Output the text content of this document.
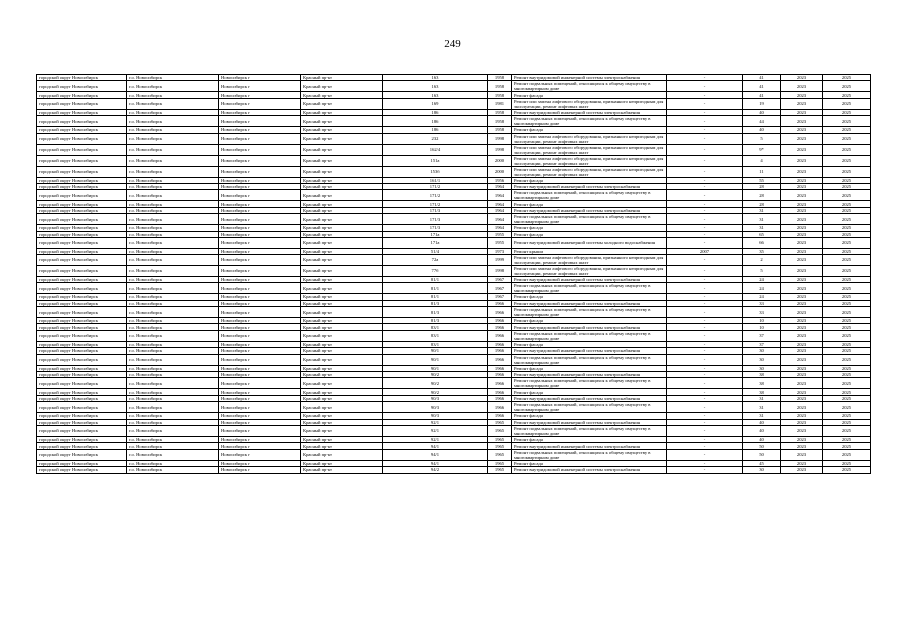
249
городской округ Новосибирск	г.о. Новосибирск	Новосибирск г	Красный пр-кт	163	1958	Ремонт внутридомовой инженерной системы электроснабжения	-	41	2023	2025
городской округ Новосибирск	г.о. Новосибирск	Новосибирск г	Красный пр-кт	163	1958	Ремонт подвальных помещений, относящихся к общему имуществу в многоквартирном доме	-	41	2023	2025
городской округ Новосибирск	г.о. Новосибирск	Новосибирск г	Красный пр-кт	163	1958	Ремонт фасада	-	41	2023	2025
городской округ Новосибирск	г.о. Новосибирск	Новосибирск г	Красный пр-кт	169	1981	Ремонт или замена лифтового оборудования, признанного непригодным для эксплуатации, ремонт лифтовых шахт	-	19	2023	2025
городской округ Новосибирск	г.о. Новосибирск	Новосибирск г	Красный пр-кт	186	1958	Ремонт внутридомовой инженерной системы электроснабжения	-	40	2023	2025
городской округ Новосибирск	г.о. Новосибирск	Новосибирск г	Красный пр-кт	186	1958	Ремонт подвальных помещений, относящихся к общему имуществу в многоквартирном доме	-	44	2023	2025
городской округ Новосибирск	г.о. Новосибирск	Новосибирск г	Красный пр-кт	186	1958	Ремонт фасада	-	40	2023	2025
городской округ Новосибирск	г.о. Новосибирск	Новосибирск г	Красный пр-кт	232	1998	Ремонт или замена лифтового оборудования, признанного непригодным для эксплуатации, ремонт лифтовых шахт	-	5	2023	2025
городской округ Новосибирск	г.о. Новосибирск	Новосибирск г	Красный пр-кт	162/4	1998	Ремонт или замена лифтового оборудования, признанного непригодным для эксплуатации, ремонт лифтовых шахт	-	9*	2023	2025
городской округ Новосибирск	г.о. Новосибирск	Новосибирск г	Красный пр-кт	151а	2000	Ремонт или замена лифтового оборудования, признанного непригодным для эксплуатации, ремонт лифтовых шахт	-	4	2023	2025
городской округ Новосибирск	г.о. Новосибирск	Новосибирск г	Красный пр-кт	153б	2000	Ремонт или замена лифтового оборудования, признанного непригодным для эксплуатации, ремонт лифтовых шахт	-	11	2023	2025
городской округ Новосибирск	г.о. Новосибирск	Новосибирск г	Красный пр-кт	161/1	1956	Ремонт фасада	-	55	2023	2025
городской округ Новосибирск	г.о. Новосибирск	Новосибирск г	Красный пр-кт	171/2	1964	Ремонт внутридомовой инженерной системы электроснабжения	-	28	2023	2025
городской округ Новосибирск	г.о. Новосибирск	Новосибирск г	Красный пр-кт	171/2	1964	Ремонт подвальных помещений, относящихся к общему имуществу в многоквартирном доме	-	28	2023	2025
городской округ Новосибирск	г.о. Новосибирск	Новосибирск г	Красный пр-кт	171/2	1964	Ремонт фасада	-	28	2023	2025
городской округ Новосибирск	г.о. Новосибирск	Новосибирск г	Красный пр-кт	171/3	1964	Ремонт внутридомовой инженерной системы электроснабжения	-	31	2023	2025
городской округ Новосибирск	г.о. Новосибирск	Новосибирск г	Красный пр-кт	171/3	1964	Ремонт подвальных помещений, относящихся к общему имуществу в многоквартирном доме	-	31	2023	2025
городской округ Новосибирск	г.о. Новосибирск	Новосибирск г	Красный пр-кт	171/3	1964	Ремонт фасада	-	31	2023	2025
городской округ Новосибирск	г.о. Новосибирск	Новосибирск г	Красный пр-кт	171а	1955	Ремонт фасада	-	65	2023	2025
городской округ Новосибирск	г.о. Новосибирск	Новосибирск г	Красный пр-кт	171а	1955	Ремонт внутридомовой инженерной системы холодного водоснабжения	-	66	2023	2025
городской округ Новосибирск	г.о. Новосибирск	Новосибирск г	Красный пр-кт	51/4	1973	Ремонт крыши	2007	35	2023	2025
городской округ Новосибирск	г.о. Новосибирск	Новосибирск г	Красный пр-кт	72а	1999	Ремонт или замена лифтового оборудования, признанного непригодным для эксплуатации, ремонт лифтовых шахт	-	2	2023	2025
городской округ Новосибирск	г.о. Новосибирск	Новосибирск г	Красный пр-кт	77б	1998	Ремонт или замена лифтового оборудования, признанного непригодным для эксплуатации, ремонт лифтовых шахт	-	5	2023	2025
городской округ Новосибирск	г.о. Новосибирск	Новосибирск г	Красный пр-кт	81/1	1967	Ремонт внутридомовой инженерной системы электроснабжения	-	24	2023	2025
городской округ Новосибирск	г.о. Новосибирск	Новосибирск г	Красный пр-кт	81/1	1967	Ремонт подвальных помещений, относящихся к общему имуществу в многоквартирном доме	-	24	2023	2025
городской округ Новосибирск	г.о. Новосибирск	Новосибирск г	Красный пр-кт	81/1	1967	Ремонт фасада	-	24	2023	2025
городской округ Новосибирск	г.о. Новосибирск	Новосибирск г	Красный пр-кт	81/3	1966	Ремонт внутридомовой инженерной системы электроснабжения	-	33	2023	2025
городской округ Новосибирск	г.о. Новосибирск	Новосибирск г	Красный пр-кт	81/3	1966	Ремонт подвальных помещений, относящихся к общему имуществу в многоквартирном доме	-	33	2023	2025
городской округ Новосибирск	г.о. Новосибирск	Новосибирск г	Красный пр-кт	81/3	1966	Ремонт фасада	-	10	2023	2025
городской округ Новосибирск	г.о. Новосибирск	Новосибирск г	Красный пр-кт	83/1	1966	Ремонт внутридомовой инженерной системы электроснабжения	-	10	2023	2025
городской округ Новосибирск	г.о. Новосибирск	Новосибирск г	Красный пр-кт	83/1	1966	Ремонт подвальных помещений, относящихся к общему имуществу в многоквартирном доме	-	37	2023	2025
городской округ Новосибирск	г.о. Новосибирск	Новосибирск г	Красный пр-кт	83/1	1966	Ремонт фасада	-	37	2023	2025
городской округ Новосибирск	г.о. Новосибирск	Новосибирск г	Красный пр-кт	90/1	1966	Ремонт внутридомовой инженерной системы электроснабжения	-	30	2023	2025
городской округ Новосибирск	г.о. Новосибирск	Новосибирск г	Красный пр-кт	90/1	1966	Ремонт подвальных помещений, относящихся к общему имуществу в многоквартирном доме	-	30	2023	2025
городской округ Новосибирск	г.о. Новосибирск	Новосибирск г	Красный пр-кт	90/1	1966	Ремонт фасада	-	30	2023	2025
городской округ Новосибирск	г.о. Новосибирск	Новосибирск г	Красный пр-кт	90/2	1966	Ремонт внутридомовой инженерной системы электроснабжения	-	38	2023	2025
городской округ Новосибирск	г.о. Новосибирск	Новосибирск г	Красный пр-кт	90/2	1966	Ремонт подвальных помещений, относящихся к общему имуществу в многоквартирном доме	-	38	2023	2025
городской округ Новосибирск	г.о. Новосибирск	Новосибирск г	Красный пр-кт	90/2	1966	Ремонт фасада	-	38	2023	2025
городской округ Новосибирск	г.о. Новосибирск	Новосибирск г	Красный пр-кт	90/3	1966	Ремонт внутридомовой инженерной системы электроснабжения	-	31	2023	2025
городской округ Новосибирск	г.о. Новосибирск	Новосибирск г	Красный пр-кт	90/3	1966	Ремонт подвальных помещений, относящихся к общему имуществу в многоквартирном доме	-	31	2023	2025
городской округ Новосибирск	г.о. Новосибирск	Новосибирск г	Красный пр-кт	90/3	1966	Ремонт фасада	-	31	2023	2025
городской округ Новосибирск	г.о. Новосибирск	Новосибирск г	Красный пр-кт	92/1	1965	Ремонт внутридомовой инженерной системы электроснабжения	-	40	2023	2025
городской округ Новосибирск	г.о. Новосибирск	Новосибирск г	Красный пр-кт	92/1	1965	Ремонт подвальных помещений, относящихся к общему имуществу в многоквартирном доме	-	40	2023	2025
городской округ Новосибирск	г.о. Новосибирск	Новосибирск г	Красный пр-кт	92/1	1965	Ремонт фасада	-	40	2023	2025
городской округ Новосибирск	г.о. Новосибирск	Новосибирск г	Красный пр-кт	94/1	1965	Ремонт внутридомовой инженерной системы электроснабжения	-	50	2023	2025
городской округ Новосибирск	г.о. Новосибирск	Новосибирск г	Красный пр-кт	94/1	1965	Ремонт подвальных помещений, относящихся к общему имуществу в многоквартирном доме	-	50	2023	2025
городской округ Новосибирск	г.о. Новосибирск	Новосибирск г	Красный пр-кт	94/1	1965	Ремонт фасада	-	45	2023	2025
городской округ Новосибирск	г.о. Новосибирск	Новосибирск г	Красный пр-кт	94/2	1965	Ремонт внутридомовой инженерной системы электроснабжения	-	30	2023	2025
